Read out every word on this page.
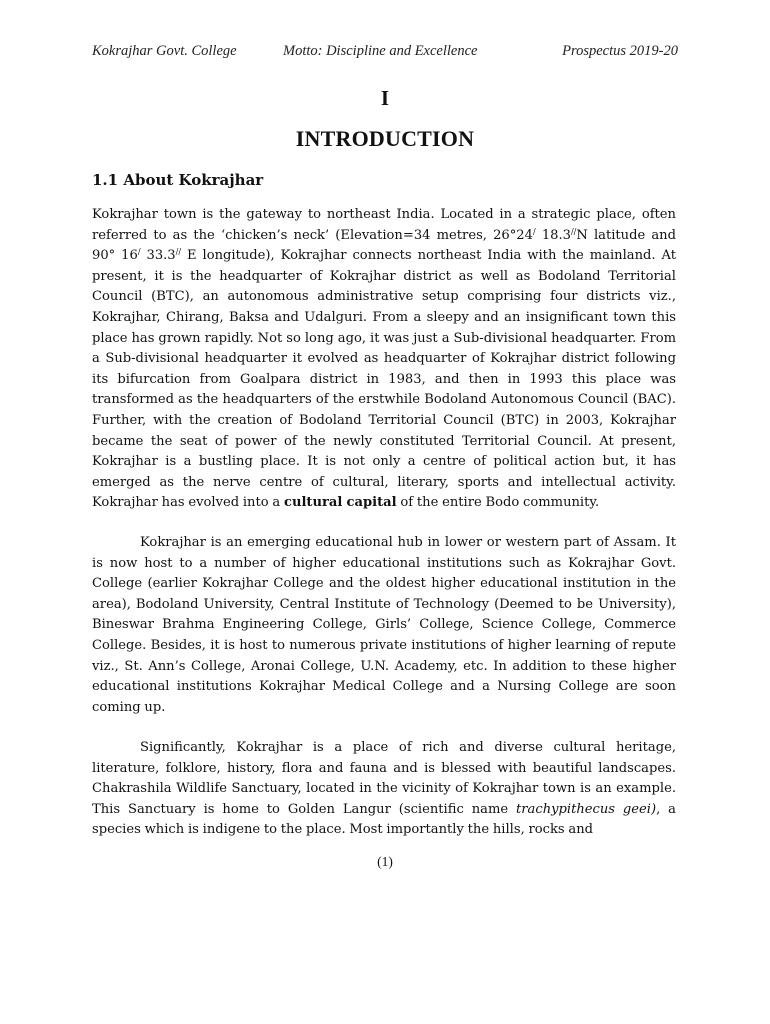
Kokrajhar Govt. College	Motto: Discipline and Excellence	Prospectus 2019-20
I
INTRODUCTION
1.1 About Kokrajhar

Kokrajhar town is the gateway to northeast India. Located in a strategic place, often referred to as the ‘chicken’s neck’ (Elevation=34 metres, 26°24/ 18.3//N latitude and 90° 16/ 33.3// E longitude), Kokrajhar connects northeast India with the mainland. At present, it is the headquarter of Kokrajhar district as well as Bodoland Territorial Council (BTC), an autonomous administrative setup comprising four districts viz., Kokrajhar, Chirang, Baksa and Udalguri. From a sleepy and an insignificant town this place has grown rapidly. Not so long ago, it was just a Sub-divisional headquarter. From a Sub-divisional headquarter it evolved as headquarter of Kokrajhar district following its bifurcation from Goalpara district in 1983, and then in 1993 this place was transformed as the headquarters of the erstwhile Bodoland Autonomous Council (BAC). Further, with the creation of Bodoland Territorial Council (BTC) in 2003, Kokrajhar became the seat of power of the newly constituted Territorial Council. At present, Kokrajhar is a bustling place. It is not only a centre of political action but, it has emerged as the nerve centre of cultural, literary, sports and intellectual activity. Kokrajhar has evolved into a cultural capital of the entire Bodo community.

Kokrajhar is an emerging educational hub in lower or western part of Assam. It is now host to a number of higher educational institutions such as Kokrajhar Govt. College (earlier Kokrajhar College and the oldest higher educational institution in the area), Bodoland University, Central Institute of Technology (Deemed to be University), Bineswar Brahma Engineering College, Girls’ College, Science College, Commerce College. Besides, it is host to numerous private institutions of higher learning of repute viz., St. Ann’s College, Aronai College, U.N. Academy, etc. In addition to these higher educational institutions Kokrajhar Medical College and a Nursing College are soon coming up.

Significantly, Kokrajhar is a place of rich and diverse cultural heritage, literature, folklore, history, flora and fauna and is blessed with beautiful landscapes. Chakrashila Wildlife Sanctuary, located in the vicinity of Kokrajhar town is an example. This Sanctuary is home to Golden Langur (scientific name trachypithecus geei), a species which is indigene to the place. Most importantly the hills, rocks and

(1)
